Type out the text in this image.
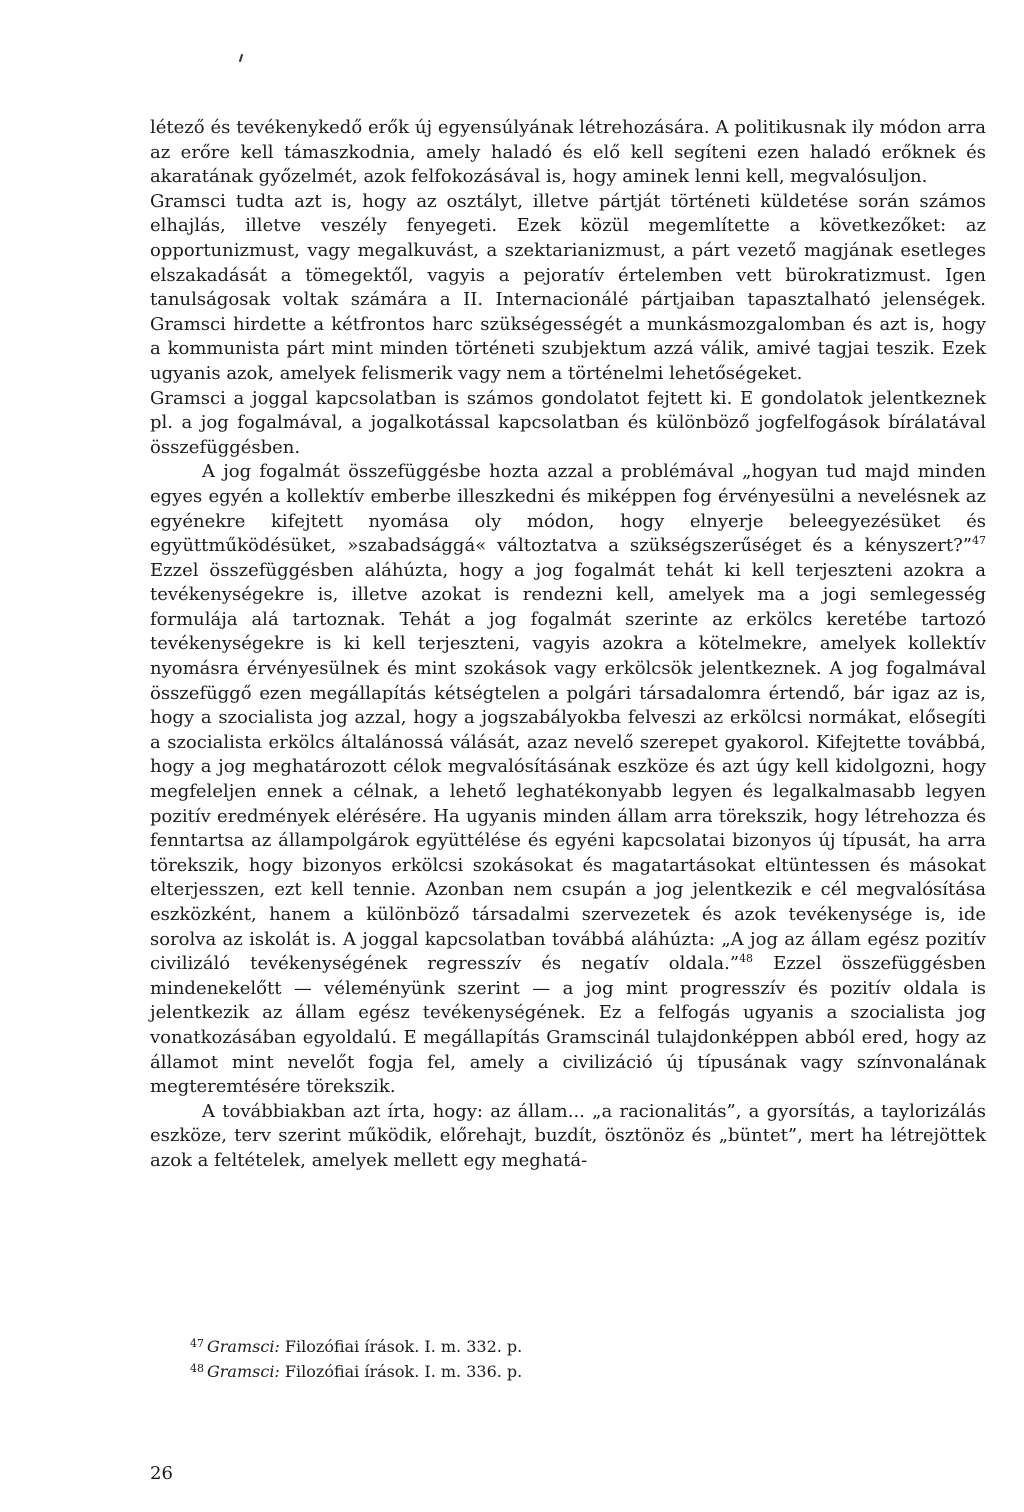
létező és tevékenykedő erők új egyensúlyának létrehozására. A politikusnak ily módon arra az erőre kell támaszkodnia, amely haladó és elő kell segíteni ezen haladó erőknek és akaratának győzelmét, azok felfokozásával is, hogy aminek lenni kell, megvalósuljon.

Gramsci tudta azt is, hogy az osztályt, illetve pártját történeti küldetése során számos elhajlás, illetve veszély fenyegeti. Ezek közül megemlítette a következőket: az opportunizmust, vagy megalkuvást, a szektarianizmust, a párt vezető magjának esetleges elszakadását a tömegektől, vagyis a pejoratív értelemben vett bürokratizmust. Igen tanulságosak voltak számára a II. Internacionálé pártjaiban tapasztalható jelenségek. Gramsci hirdette a kétfrontos harc szükségességét a munkásmozgalomban és azt is, hogy a kommunista párt mint minden történeti szubjektum azzá válik, amivé tagjai teszik. Ezek ugyanis azok, amelyek felismerik vagy nem a történelmi lehetőségeket.

Gramsci a joggal kapcsolatban is számos gondolatot fejtett ki. E gondolatok jelentkeznek pl. a jog fogalmával, a jogalkotással kapcsolatban és különböző jogfelfogások bírálatával összefüggésben.

A jog fogalmát összefüggésbe hozta azzal a problémával „hogyan tud majd minden egyes egyén a kollektív emberbe illeszkedni és miképpen fog érvényesülni a nevelésnek az egyénekre kifejtett nyomása oly módon, hogy elnyerje beleegyezésüket és együttműködésüket, »szabadsággá« változtatva a szükségszerűséget és a kényszert?”$^{47}$ Ezzel összefüggésben aláhúzta, hogy a jog fogalmát tehát ki kell terjeszteni azokra a tevékenységekre is, illetve azokat is rendezni kell, amelyek ma a jogi semlegesség formulája alá tartoznak. Tehát a jog fogalmát szerinte az erkölcs keretébe tartozó tevékenységekre is ki kell terjeszteni, vagyis azokra a kötelmekre, amelyek kollektív nyomásra érvényesülnek és mint szokások vagy erkölcsök jelentkeznek. A jog fogalmával összefüggő ezen megállapítás kétségtelen a polgári társadalomra értendő, bár igaz az is, hogy a szocialista jog azzal, hogy a jogszabályokba felveszi az erkölcsi normákat, elősegíti a szocialista erkölcs általánossá válását, azaz nevelő szerepet gyakorol. Kifejtette továbbá, hogy a jog meghatározott célok megvalósításának eszköze és azt úgy kell kidolgozni, hogy megfeleljen ennek a célnak, a lehető leghatékonyabb legyen és legalkalmasabb legyen pozitív eredmények elérésére. Ha ugyanis minden állam arra törekszik, hogy létrehozza és fenntartsa az állampolgárok együttélése és egyéni kapcsolatai bizonyos új típusát, ha arra törekszik, hogy bizonyos erkölcsi szokásokat és magatartásokat eltüntessen és másokat elterjesszen, ezt kell tennie. Azonban nem csupán a jog jelentkezik e cél megvalósítása eszközként, hanem a különböző társadalmi szervezetek és azok tevékenysége is, ide sorolva az iskolát is. A joggal kapcsolatban továbbá aláhúzta: „A jog az állam egész pozitív civilizáló tevékenységének regresszív és negatív oldala.”$^{48}$ Ezzel összefüggésben mindenekelőtt — véleményünk szerint — a jog mint progresszív és pozitív oldala is jelentkezik az állam egész tevékenységének. Ez a felfogás ugyanis a szocialista jog vonatkozásában egyoldalú. E megállapítás Gramscinál tulajdonképpen abból ered, hogy az államot mint nevelőt fogja fel, amely a civilizáció új típusának vagy színvonalának megteremtésére törekszik.

A továbbiakban azt írta, hogy: az állam... „a racionalitás”, a gyorsítás, a taylorizálás eszköze, terv szerint működik, előrehajt, buzdít, ösztönöz és „büntet”, mert ha létrejöttek azok a feltételek, amelyek mellett egy meghatá-

$^{47}$ Gramsci: Filozófiai írások. I. m. 332. p.
$^{48}$ Gramsci: Filozófiai írások. I. m. 336. p.
26
